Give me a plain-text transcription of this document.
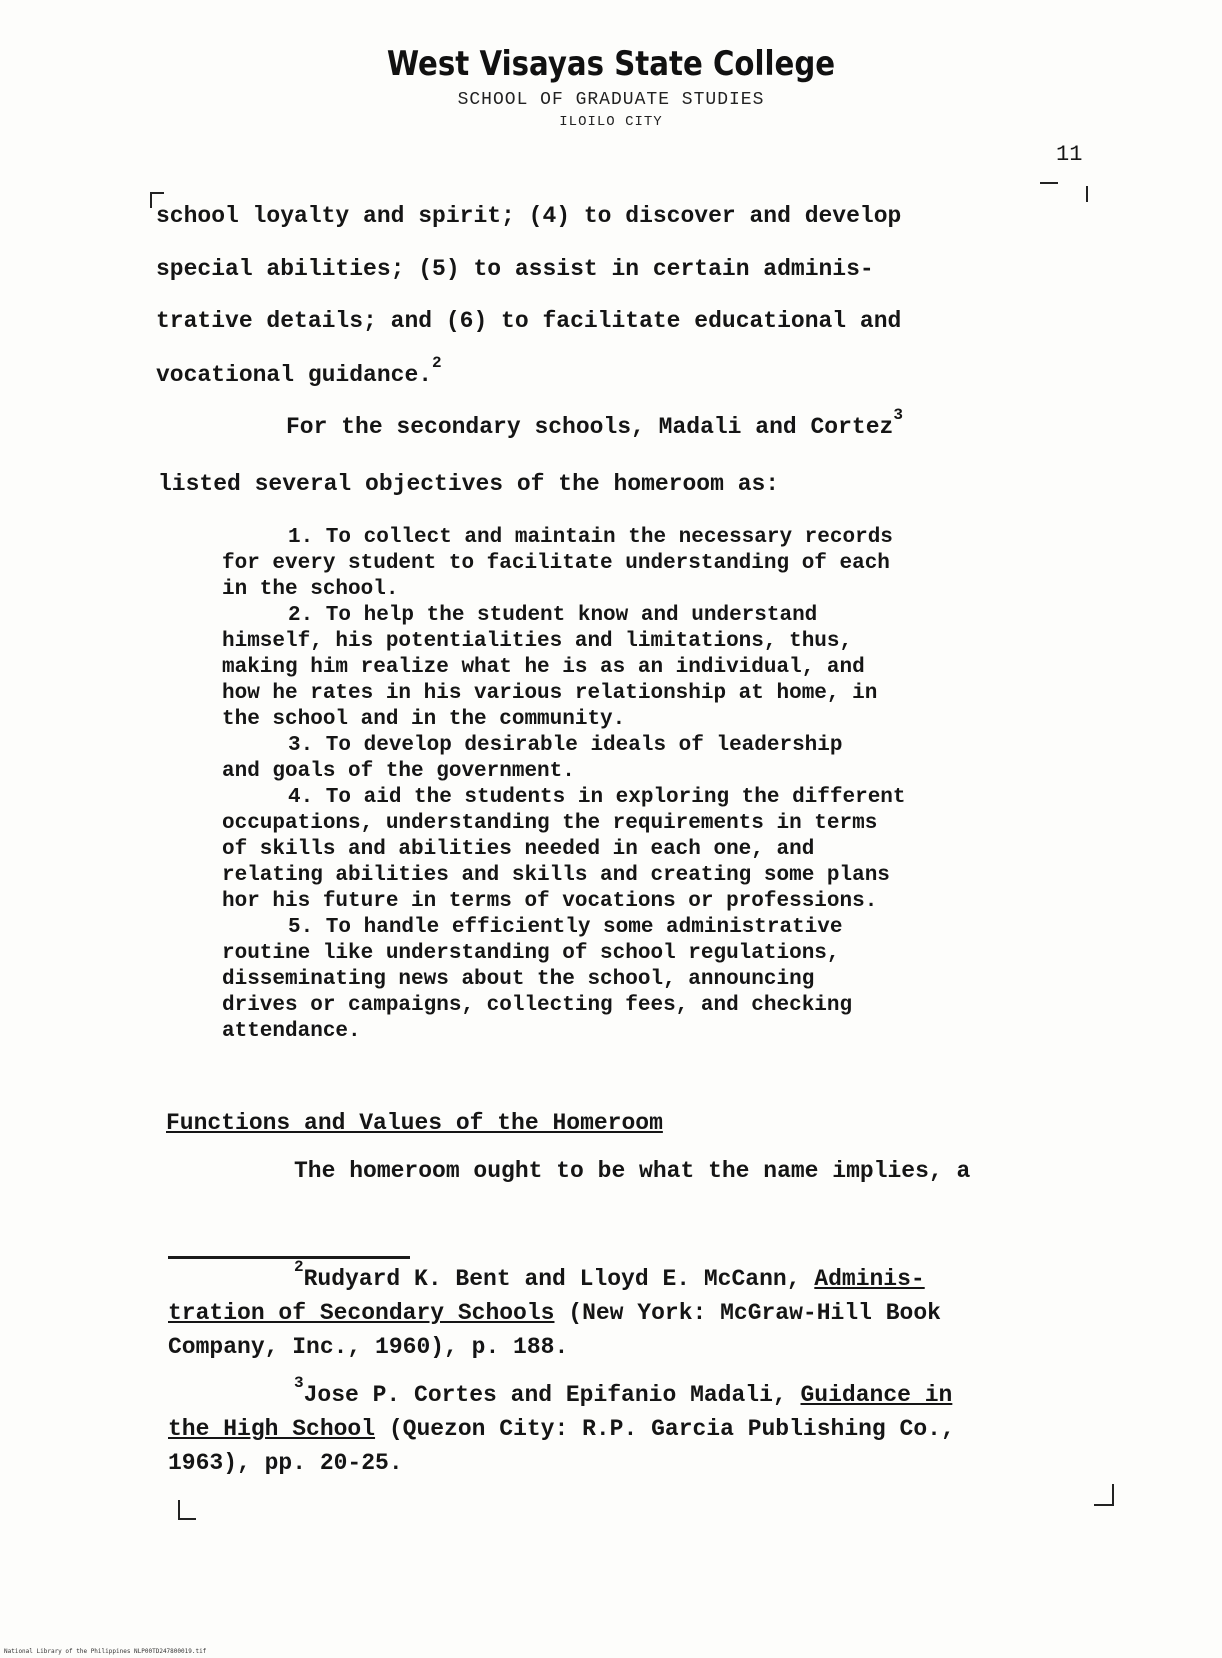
West Visayas State College
SCHOOL OF GRADUATE STUDIES
ILOILO CITY
11
school loyalty and spirit; (4) to discover and develop
special abilities; (5) to assist in certain adminis-
trative details; and (6) to facilitate educational and
vocational guidance.$^2$
For the secondary schools, Madali and Cortez$^3$
listed several objectives of the homeroom as:
1. To collect and maintain the necessary records
for every student to facilitate understanding of each
in the school.
2. To help the student know and understand
himself, his potentialities and limitations, thus,
making him realize what he is as an individual, and
how he rates in his various relationship at home, in
the school and in the community.
3. To develop desirable ideals of leadership
and goals of the government.
4. To aid the students in exploring the different
occupations, understanding the requirements in terms
of skills and abilities needed in each one, and
relating abilities and skills and creating some plans
hor his future in terms of vocations or professions.
5. To handle efficiently some administrative
routine like understanding of school regulations,
disseminating news about the school, announcing
drives or campaigns, collecting fees, and checking
attendance.
Functions and Values of the Homeroom
The homeroom ought to be what the name implies, a
$^2$Rudyard K. Bent and Lloyd E. McCann, Adminis-
tration of Secondary Schools (New York: McGraw-Hill Book
Company, Inc., 1960), p. 188.
$^3$Jose P. Cortes and Epifanio Madali, Guidance in
the High School (Quezon City: R.P. Garcia Publishing Co.,
1963), pp. 20-25.
National Library of the Philippines NLP00TD247800019.tif
